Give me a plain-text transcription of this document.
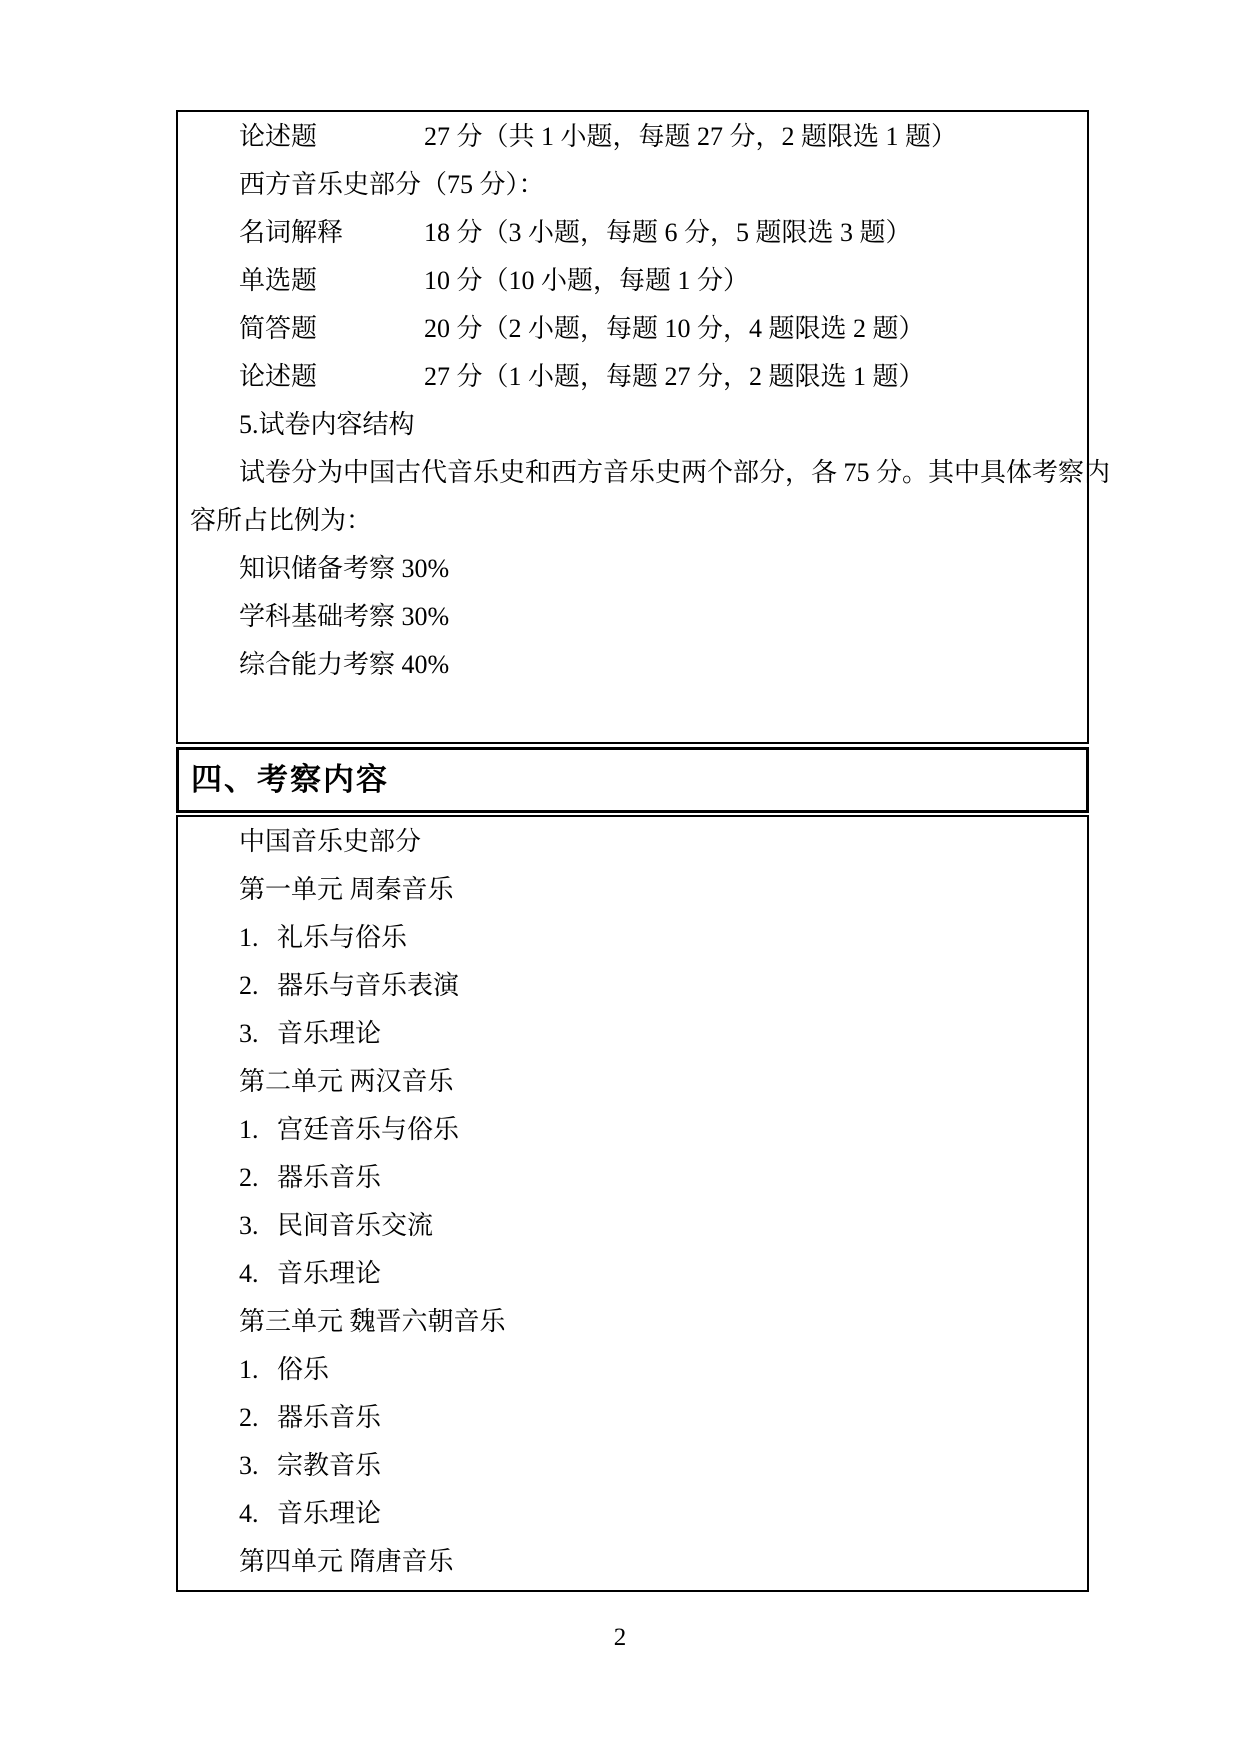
论述题	27 分（共 1 小题，每题 27 分，2 题限选 1 题）
西方音乐史部分（75 分）：
名词解释	18 分（3 小题，每题 6 分，5 题限选 3 题）
单选题	10 分（10 小题，每题 1 分）
简答题	20 分（2 小题，每题 10 分，4 题限选 2 题）
论述题	27 分（1 小题，每题 27 分，2 题限选 1 题）
5.试卷内容结构
试卷分为中国古代音乐史和西方音乐史两个部分，各 75 分。其中具体考察内
容所占比例为：
知识储备考察 30%
学科基础考察 30%
综合能力考察 40%
四、考察内容
中国音乐史部分
第一单元 周秦音乐
1. 礼乐与俗乐
2. 器乐与音乐表演
3. 音乐理论
第二单元 两汉音乐
1. 宫廷音乐与俗乐
2. 器乐音乐
3. 民间音乐交流
4. 音乐理论
第三单元 魏晋六朝音乐
1. 俗乐
2. 器乐音乐
3. 宗教音乐
4. 音乐理论
第四单元 隋唐音乐
2
